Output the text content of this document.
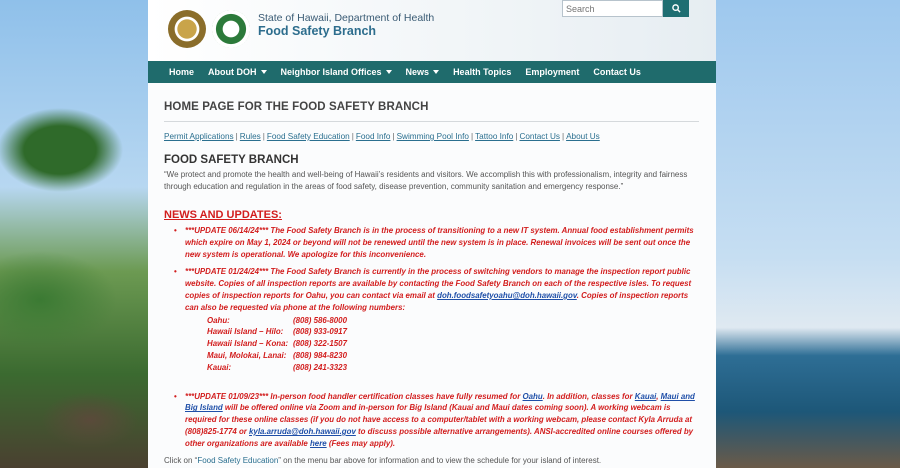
State of Hawaii, Department of Health
Food Safety Branch
Search
Home About DOH	Neighbor Island Offices	News	Health Topics Employment Contact Us
HOME PAGE FOR THE FOOD SAFETY BRANCH
Permit Applications | Rules | Food Safety Education | Food Info | Swimming Pool Info | Tattoo Info | Contact Us | About Us
FOOD SAFETY BRANCH
“We protect and promote the health and well-being of Hawaii’s residents and visitors. We accomplish this with professionalism, integrity and fairness through education and regulation in the areas of food safety, disease prevention, community sanitation and emergency response.”
NEWS AND UPDATES:
• ***UPDATE 06/14/24*** The Food Safety Branch is in the process of transitioning to a new IT system. Annual food establishment permits which expire on May 1, 2024 or beyond will not be renewed until the new system is in place. Renewal invoices will be sent out once the new system is operational. We apologize for this inconvenience.
• ***UPDATE 01/24/24*** The Food Safety Branch is currently in the process of switching vendors to manage the inspection report public website. Copies of all inspection reports are available by contacting the Food Safety Branch on each of the respective isles. To request copies of inspection reports for Oahu, you can contact via email at doh.foodsafetyoahu@doh.hawaii.gov. Copies of inspection reports can also be requested via phone at the following numbers:
Oahu:	(808) 586-8000
Hawaii Island – Hilo:	(808) 933-0917
Hawaii Island – Kona:	(808) 322-1507
Maui, Molokai, Lanai:	(808) 984-8230
Kauai:	(808) 241-3323
• ***UPDATE 01/09/23*** In-person food handler certification classes have fully resumed for Oahu. In addition, classes for Kauai, Maui and Big Island will be offered online via Zoom and in-person for Big Island (Kauai and Maui dates coming soon). A working webcam is required for these online classes (if you do not have access to a computer/tablet with a working webcam, please contact Kyla Arruda at (808)825-1774 or kyla.arruda@doh.hawaii.gov to discuss possible alternative arrangements). ANSI-accredited online courses offered by other organizations are available here (Fees may apply).
Click on “Food Safety Education” on the menu bar above for information and to view the schedule for your island of interest.
